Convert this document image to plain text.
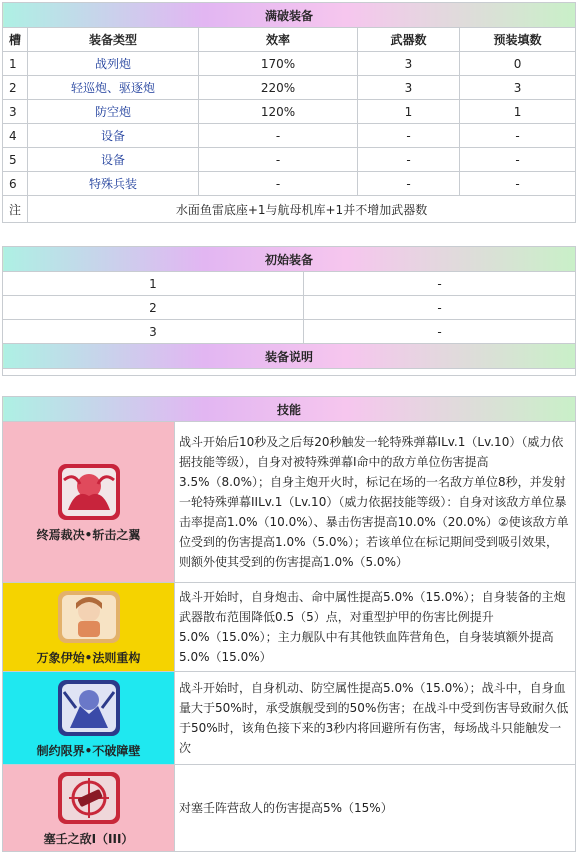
满破装备				
槽	装备类型	效率	武器数	预装填数
1	战列炮	170%	3	0
2	轻巡炮、驱逐炮	220%	3	3
3	防空炮	120%	1	1
4	设备	-	-	-
5	设备	-	-	-
6	特殊兵装	-	-	-
注	水面鱼雷底座+1与航母机库+1并不增加武器数			
初始装备	
1	-
2	-
3	-
装备说明	

技能	

终焉裁决•斩击之翼	战斗开始后10秒及之后每20秒触发一轮特殊弹幕ILv.1（Lv.10）（威力依据技能等级），自身对被特殊弹幕I命中的敌方单位伤害提高3.5%（8.0%）；自身主炮开火时，标记在场的一名敌方单位8秒，并发射一轮特殊弹幕IILv.1（Lv.10）（威力依据技能等级）：自身对该敌方单位暴击率提高1.0%（10.0%）、暴击伤害提高10.0%（20.0%）②使该敌方单位受到的伤害提高1.0%（5.0%）；若该单位在标记期间受到吸引效果，则额外使其受到的伤害提高1.0%（5.0%）

万象伊始•法则重构	战斗开始时，自身炮击、命中属性提高5.0%（15.0%）；自身装备的主炮武器散布范围降低0.5（5）点，对重型护甲的伤害比例提升5.0%（15.0%）；主力舰队中有其他铁血阵营角色，自身装填额外提高5.0%（15.0%）

制约限界•不破障壁	战斗开始时，自身机动、防空属性提高5.0%（15.0%）；战斗中，自身血量大于50%时，承受旗舰受到的50%伤害；在战斗中受到伤害导致耐久低于50%时，该角色接下来的3秒内将回避所有伤害，每场战斗只能触发一次

塞壬之敌I（III）	对塞壬阵营敌人的伤害提高5%（15%）
